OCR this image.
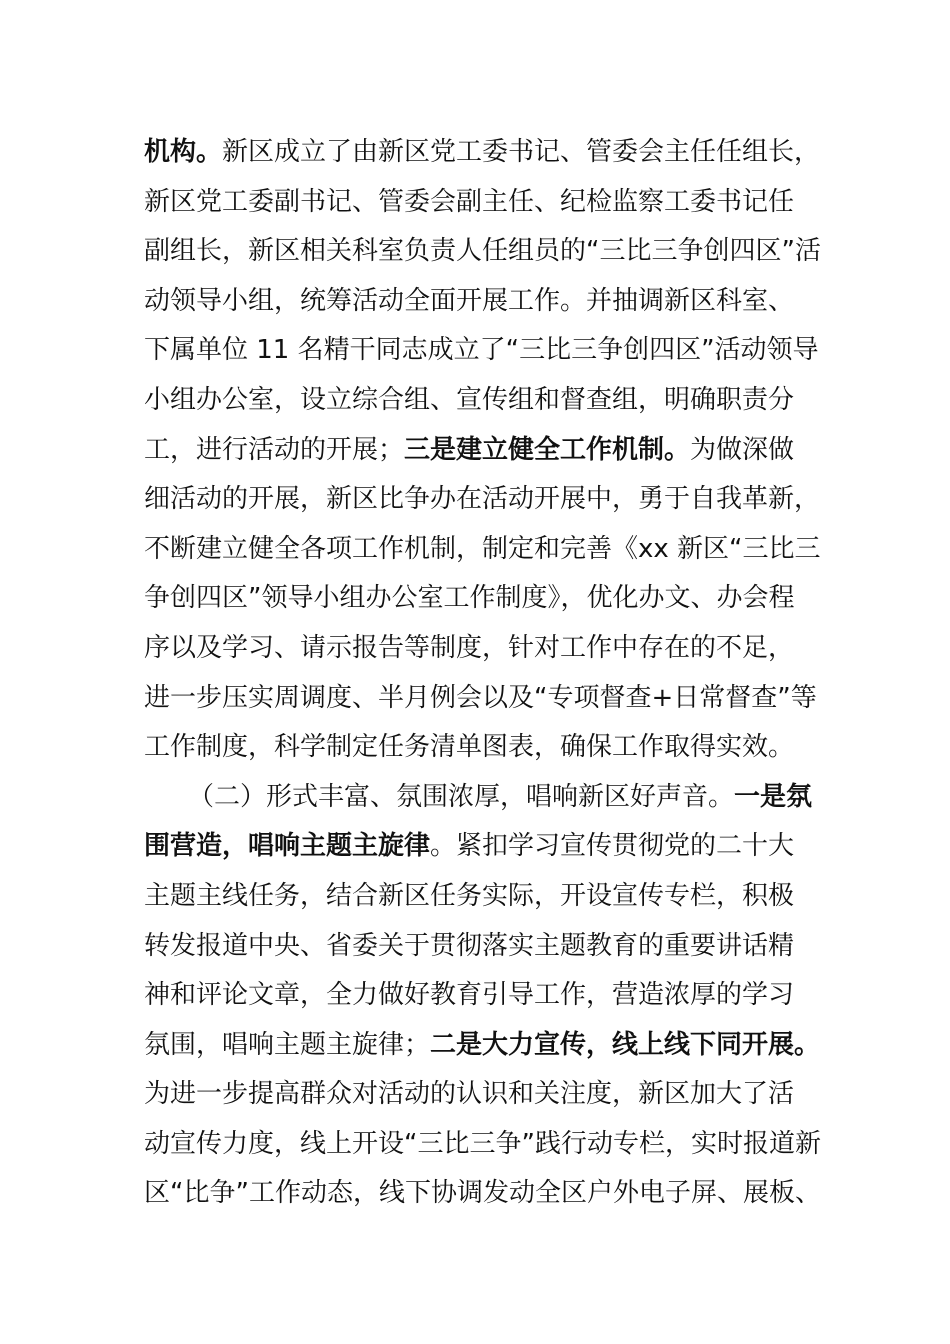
机构。新区成立了由新区党工委书记、管委会主任任组长，
新区党工委副书记、管委会副主任、纪检监察工委书记任
副组长，新区相关科室负责人任组员的“三比三争创四区”活
动领导小组，统筹活动全面开展工作。并抽调新区科室、
下属单位 11 名精干同志成立了“三比三争创四区”活动领导
小组办公室，设立综合组、宣传组和督查组，明确职责分
工，进行活动的开展；三是建立健全工作机制。为做深做
细活动的开展，新区比争办在活动开展中，勇于自我革新，
不断建立健全各项工作机制，制定和完善《xx 新区“三比三
争创四区”领导小组办公室工作制度》，优化办文、办会程
序以及学习、请示报告等制度，针对工作中存在的不足，
进一步压实周调度、半月例会以及“专项督查+日常督查”等
工作制度，科学制定任务清单图表，确保工作取得实效。
（二）形式丰富、氛围浓厚，唱响新区好声音。一是氛
围营造，唱响主题主旋律。紧扣学习宣传贯彻党的二十大
主题主线任务，结合新区任务实际，开设宣传专栏，积极
转发报道中央、省委关于贯彻落实主题教育的重要讲话精
神和评论文章，全力做好教育引导工作，营造浓厚的学习
氛围，唱响主题主旋律；二是大力宣传，线上线下同开展。
为进一步提高群众对活动的认识和关注度，新区加大了活
动宣传力度，线上开设“三比三争”践行动专栏，实时报道新
区“比争”工作动态，线下协调发动全区户外电子屏、展板、
